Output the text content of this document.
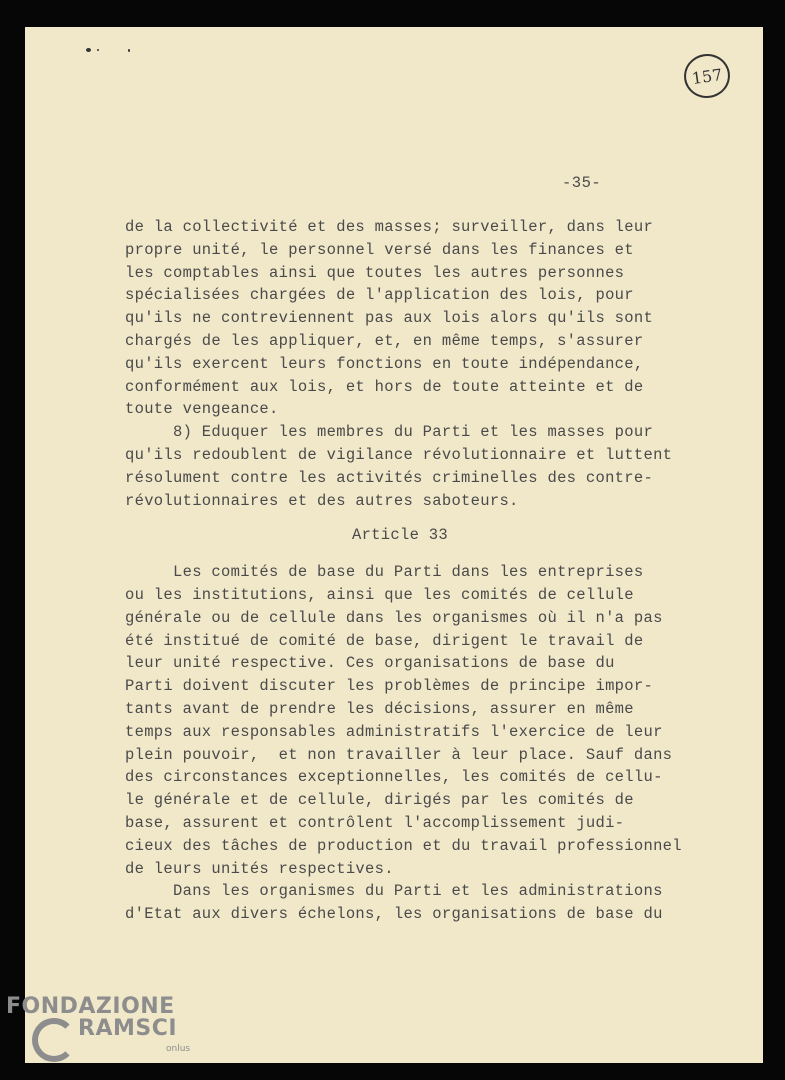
157
-35-
de la collectivité et des masses; surveiller, dans leur
propre unité, le personnel versé dans les finances et
les comptables ainsi que toutes les autres personnes
spécialisées chargées de l'application des lois, pour
qu'ils ne contreviennent pas aux lois alors qu'ils sont
chargés de les appliquer, et, en même temps, s'assurer
qu'ils exercent leurs fonctions en toute indépendance,
conformément aux lois, et hors de toute atteinte et de
toute vengeance.
8) Eduquer les membres du Parti et les masses pour
qu'ils redoublent de vigilance révolutionnaire et luttent
résolument contre les activités criminelles des contre-
révolutionnaires et des autres saboteurs.
Article 33
Les comités de base du Parti dans les entreprises
ou les institutions, ainsi que les comités de cellule
générale ou de cellule dans les organismes où il n'a pas
été institué de comité de base, dirigent le travail de
leur unité respective. Ces organisations de base du
Parti doivent discuter les problèmes de principe impor-
tants avant de prendre les décisions, assurer en même
temps aux responsables administratifs l'exercice de leur
plein pouvoir,  et non travailler à leur place. Sauf dans
des circonstances exceptionnelles, les comités de cellu-
le générale et de cellule, dirigés par les comités de
base, assurent et contrôlent l'accomplissement judi-
cieux des tâches de production et du travail professionnel
de leurs unités respectives.
Dans les organismes du Parti et les administrations
d'Etat aux divers échelons, les organisations de base du
FONDAZIONE
RAMSCI
onlus
